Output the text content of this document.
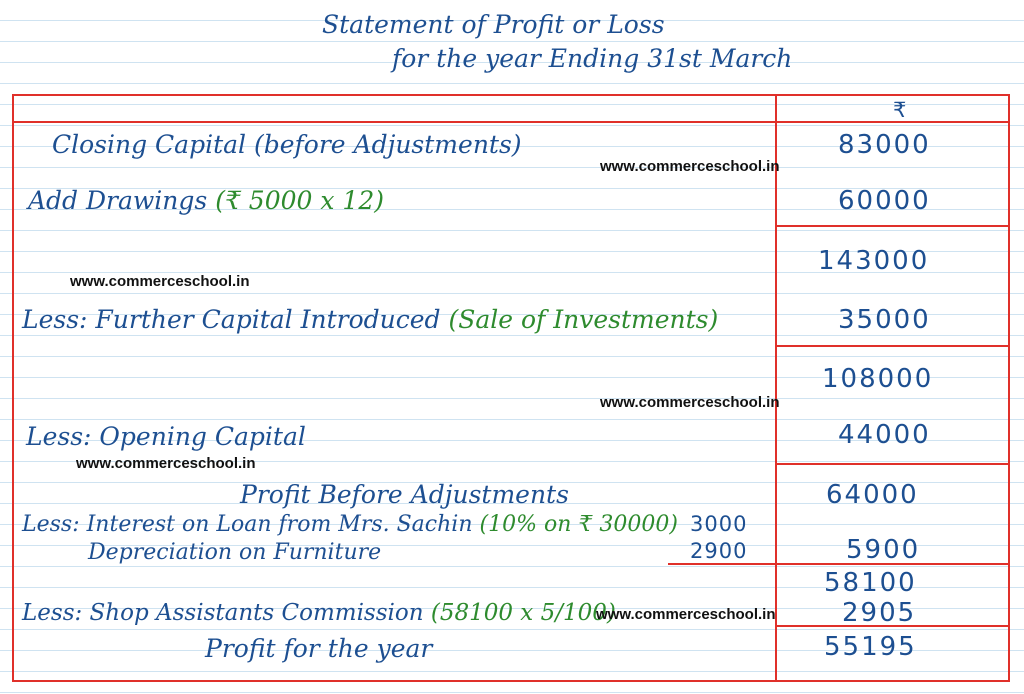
Statement of Profit or Loss
for the year Ending 31st March
₹
Closing Capital (before Adjustments)	83000
Add Drawings (₹ 5000 x 12)	60000
143000
Less: Further Capital Introduced (Sale of Investments)	35000
108000
Less: Opening Capital	44000
Profit Before Adjustments	64000
Less: Interest on Loan from Mrs. Sachin (10% on ₹ 30000) 3000
Depreciation on Furniture	2900	5900
58100
Less: Shop Assistants Commission (58100 x 5/100)	2905
Profit for the year	55195
www.commerceschool.in
www.commerceschool.in
www.commerceschool.in
www.commerceschool.in
www.commerceschool.in
